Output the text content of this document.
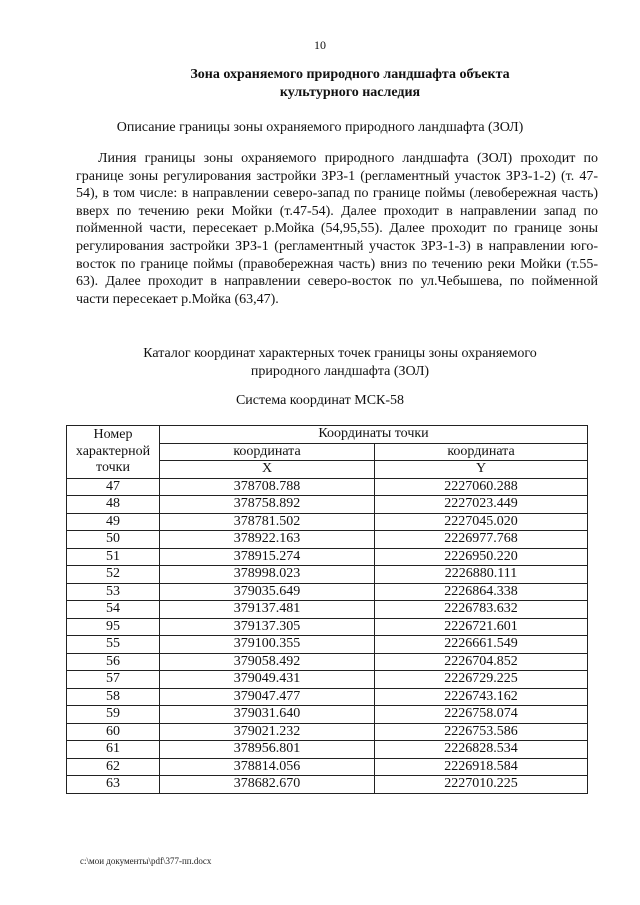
10
Зона охраняемого природного ландшафта объекта
культурного наследия
Описание границы зоны охраняемого природного ландшафта (ЗОЛ)
Линия границы зоны охраняемого природного ландшафта (ЗОЛ) проходит по границе зоны регулирования застройки ЗРЗ-1 (регламентный участок ЗРЗ-1-2) (т. 47-54), в том числе: в направлении северо-запад по границе поймы (левобережная часть) вверх по течению реки Мойки (т.47-54). Далее проходит в направлении запад по пойменной части, пересекает р.Мойка (54,95,55). Далее проходит по границе зоны регулирования застройки ЗРЗ-1 (регламентный участок ЗРЗ-1-3) в направлении юго-восток по границе поймы (правобережная часть) вниз по течению реки Мойки (т.55-63). Далее проходит в направлении северо-восток по ул.Чебышева, по пойменной части пересекает р.Мойка (63,47).
Каталог координат характерных точек границы зоны охраняемого
природного ландшафта (ЗОЛ)
Система координат МСК-58
Номер характерной точки	Координаты точки	
	координата	координата
	X	Y
47	378708.788	2227060.288
48	378758.892	2227023.449
49	378781.502	2227045.020
50	378922.163	2226977.768
51	378915.274	2226950.220
52	378998.023	2226880.111
53	379035.649	2226864.338
54	379137.481	2226783.632
95	379137.305	2226721.601
55	379100.355	2226661.549
56	379058.492	2226704.852
57	379049.431	2226729.225
58	379047.477	2226743.162
59	379031.640	2226758.074
60	379021.232	2226753.586
61	378956.801	2226828.534
62	378814.056	2226918.584
63	378682.670	2227010.225
c:\мои документы\pdf\377-пп.docx
